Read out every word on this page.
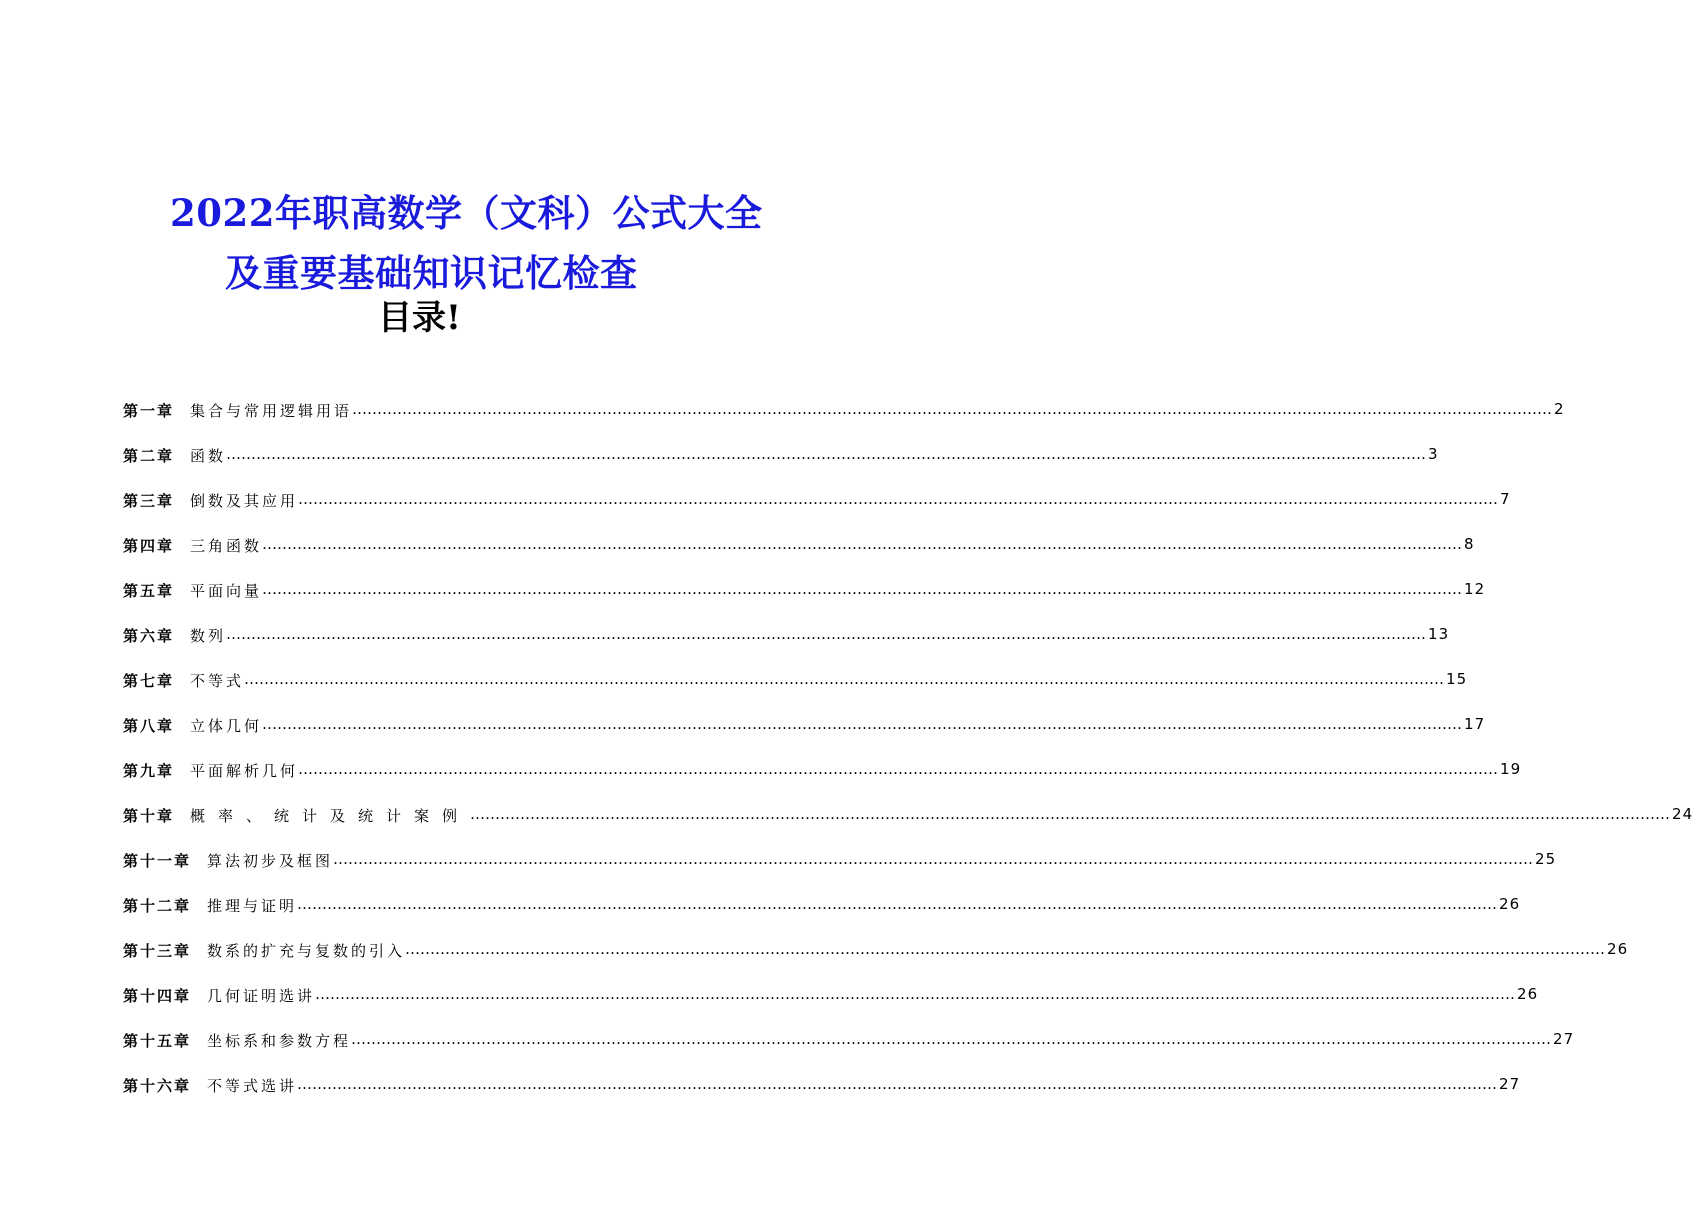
2022年职高数学（文科）公式大全
及重要基础知识记忆检查
目录!
第一章 集合与常用逻辑用语 …………………………………………………………………………………………………………………………………………………………………………………………………………………… 2
第二章 函数 …………………………………………………………………………………………………………………………………………………………………………………………………………………… 3
第三章 倒数及其应用 …………………………………………………………………………………………………………………………………………………………………………………………………………………… 7
第四章 三角函数 …………………………………………………………………………………………………………………………………………………………………………………………………………………… 8
第五章 平面向量 …………………………………………………………………………………………………………………………………………………………………………………………………………………… 12
第六章 数列 …………………………………………………………………………………………………………………………………………………………………………………………………………………… 13
第七章 不等式 …………………………………………………………………………………………………………………………………………………………………………………………………………………… 15
第八章 立体几何 …………………………………………………………………………………………………………………………………………………………………………………………………………………… 17
第九章 平面解析几何 …………………………………………………………………………………………………………………………………………………………………………………………………………………… 19
第十章 概率、统计及统计案例 …………………………………………………………………………………………………………………………………………………………………………………………………………………… 24
第十一章 算法初步及框图 …………………………………………………………………………………………………………………………………………………………………………………………………………………… 25
第十二章 推理与证明 …………………………………………………………………………………………………………………………………………………………………………………………………………………… 26
第十三章 数系的扩充与复数的引入 …………………………………………………………………………………………………………………………………………………………………………………………………………………… 26
第十四章 几何证明选讲 …………………………………………………………………………………………………………………………………………………………………………………………………………………… 26
第十五章 坐标系和参数方程 …………………………………………………………………………………………………………………………………………………………………………………………………………………… 27
第十六章 不等式选讲 …………………………………………………………………………………………………………………………………………………………………………………………………………………… 27
